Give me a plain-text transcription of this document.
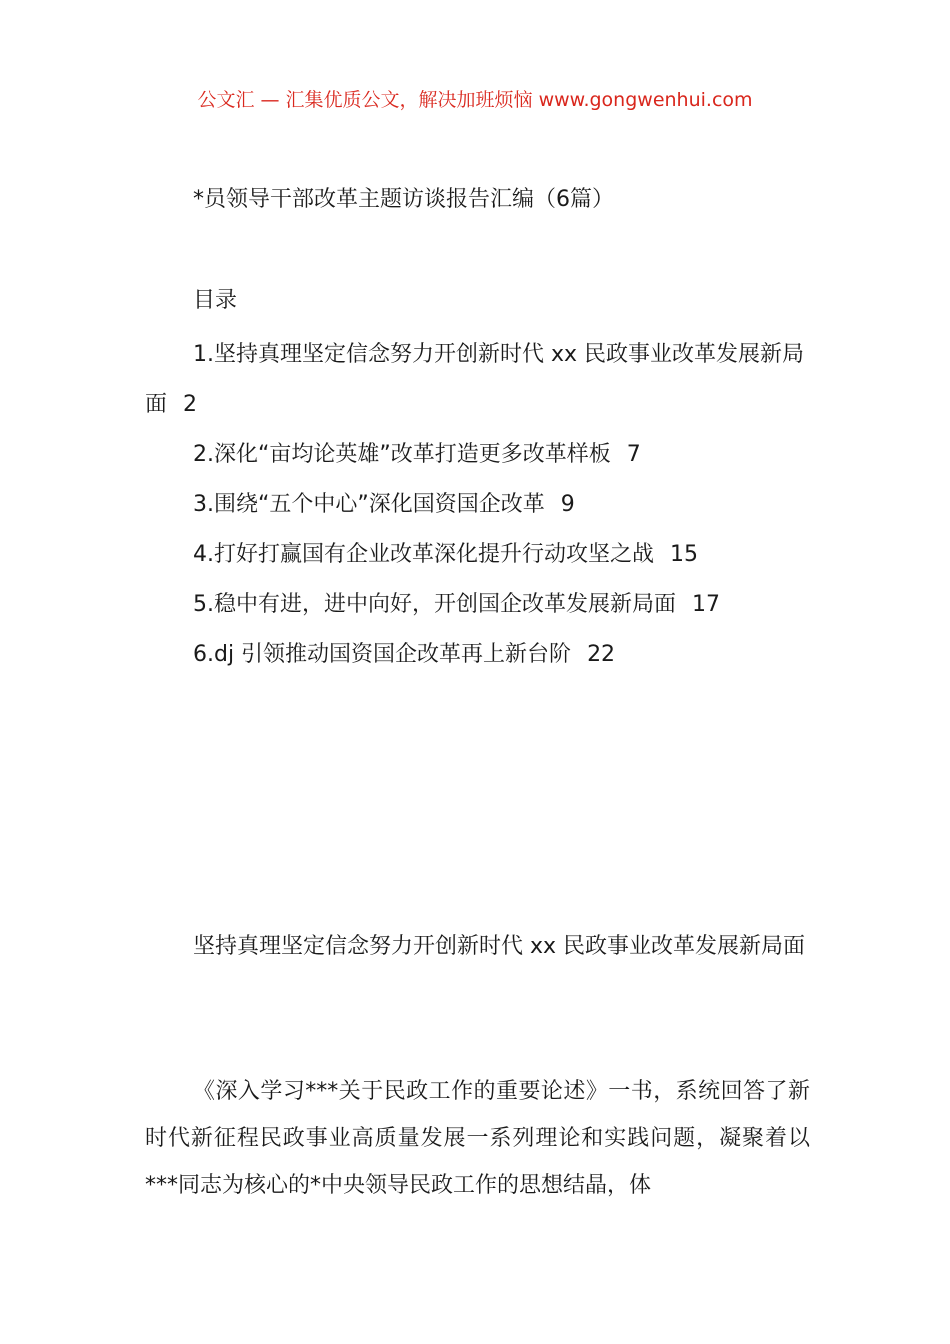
公文汇 — 汇集优质公文，解决加班烦恼 www.gongwenhui.com
*员领导干部改革主题访谈报告汇编（6篇）
目录
1.坚持真理坚定信念努力开创新时代 xx 民政事业改革发展新局面 2
2.深化“亩均论英雄”改革打造更多改革样板 7
3.围绕“五个中心”深化国资国企改革 9
4.打好打赢国有企业改革深化提升行动攻坚之战 15
5.稳中有进，进中向好，开创国企改革发展新局面 17
6.dj 引领推动国资国企改革再上新台阶 22
坚持真理坚定信念努力开创新时代 xx 民政事业改革发展新局面
《深入学习***关于民政工作的重要论述》一书，系统回答了新时代新征程民政事业高质量发展一系列理论和实践问题，凝聚着以***同志为核心的*中央领导民政工作的思想结晶，体
